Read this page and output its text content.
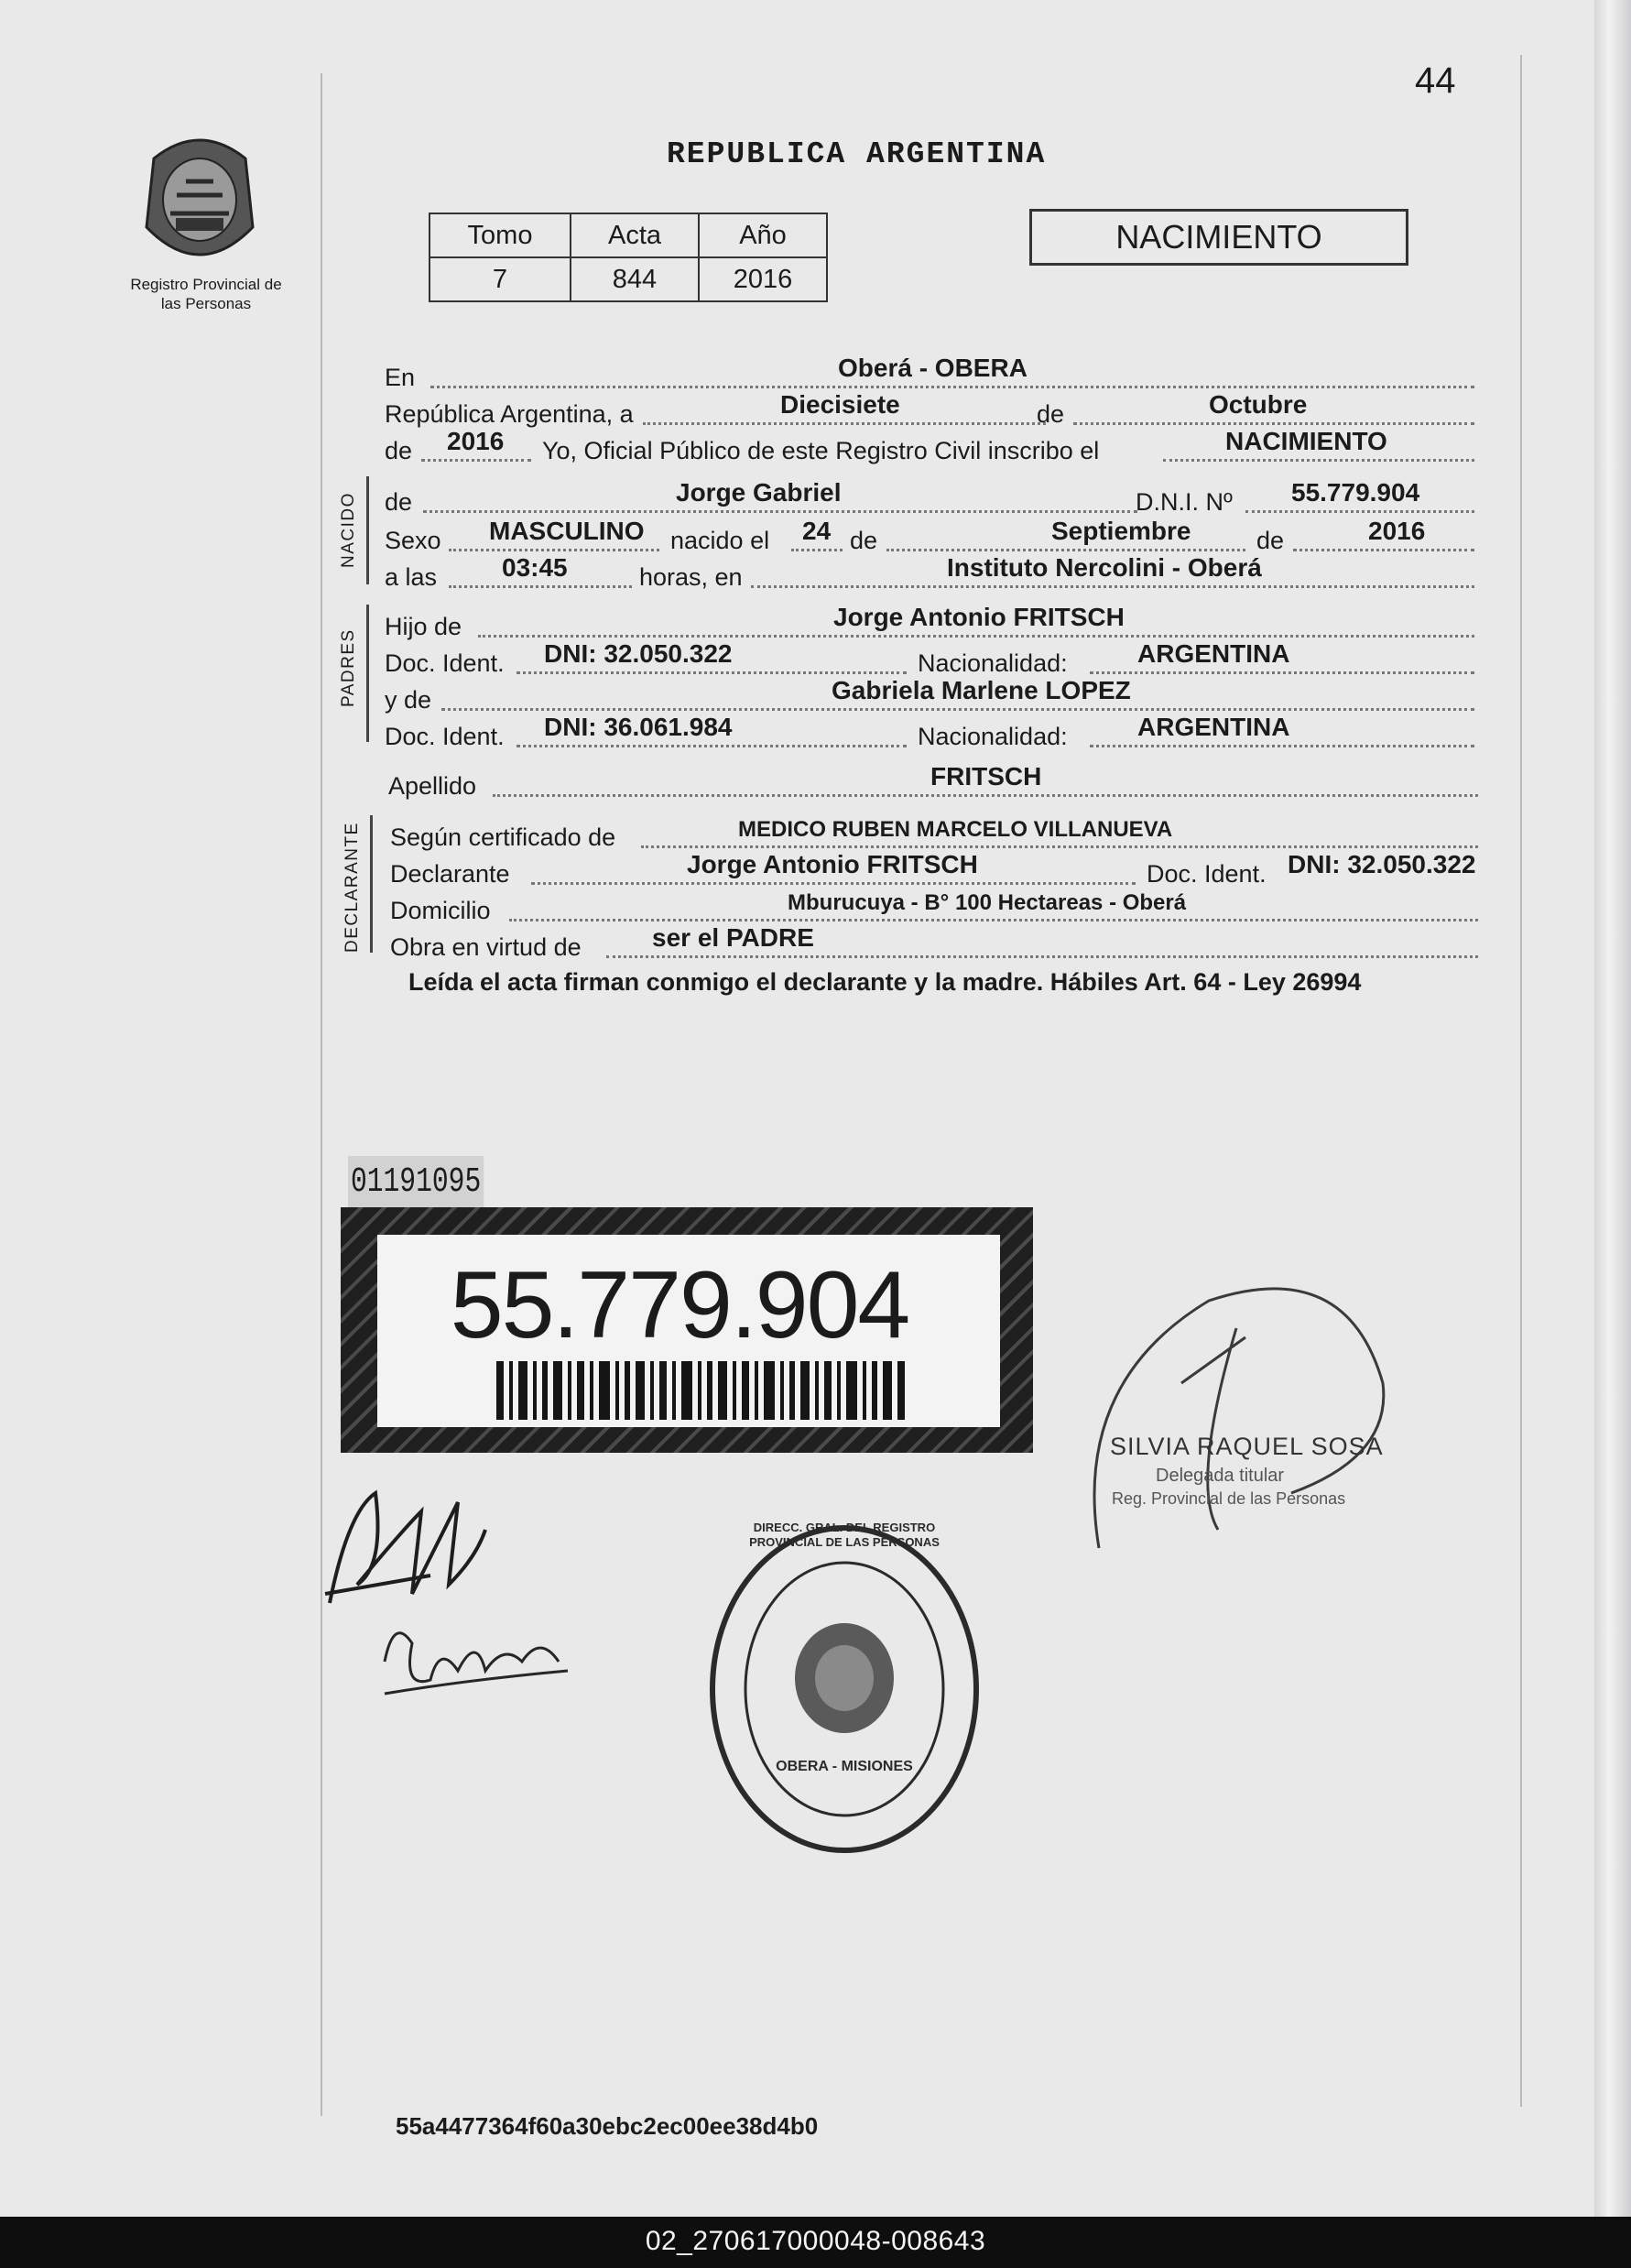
44
Registro Provincial de las Personas
REPUBLICA ARGENTINA
Tomo	Acta	Año
7	844	2016
NACIMIENTO
En	Oberá - OBERA
República Argentina, a	Diecisiete	de	Octubre
de 2016 Yo, Oficial Público de este Registro Civil inscribo el	NACIMIENTO
NACIDO de	Jorge Gabriel	D.N.I. Nº 55.779.904
Sexo MASCULINO nacido el 24 de	Septiembre	de	2016
a las	03:45	horas, en	Instituto Nercolini - Oberá
PADRES
Hijo de	Jorge Antonio FRITSCH
Doc. Ident. DNI: 32.050.322	Nacionalidad:	ARGENTINA
y de	Gabriela Marlene LOPEZ
Doc. Ident. DNI: 36.061.984	Nacionalidad:	ARGENTINA
Apellido	FRITSCH
DECLARANTE Según certificado de	MEDICO RUBEN MARCELO VILLANUEVA
Declarante	Jorge Antonio FRITSCH	Doc. Ident. DNI: 32.050.322
Domicilio	Mburucuya - B° 100 Hectareas - Oberá
Obra en virtud de	ser el PADRE
Leída el acta firman conmigo el declarante y la madre. Hábiles Art. 64 - Ley 26994
01191095
55.779.904
SILVIA RAQUEL SOSA
Delegada titular
Reg. Provincial de las Personas
DIRECC. GRAL. DEL REGISTRO PROVINCIAL DE LAS PERSONAS
OBERA - MISIONES
55a4477364f60a30ebc2ec00ee38d4b0
02_270617000048-008643
